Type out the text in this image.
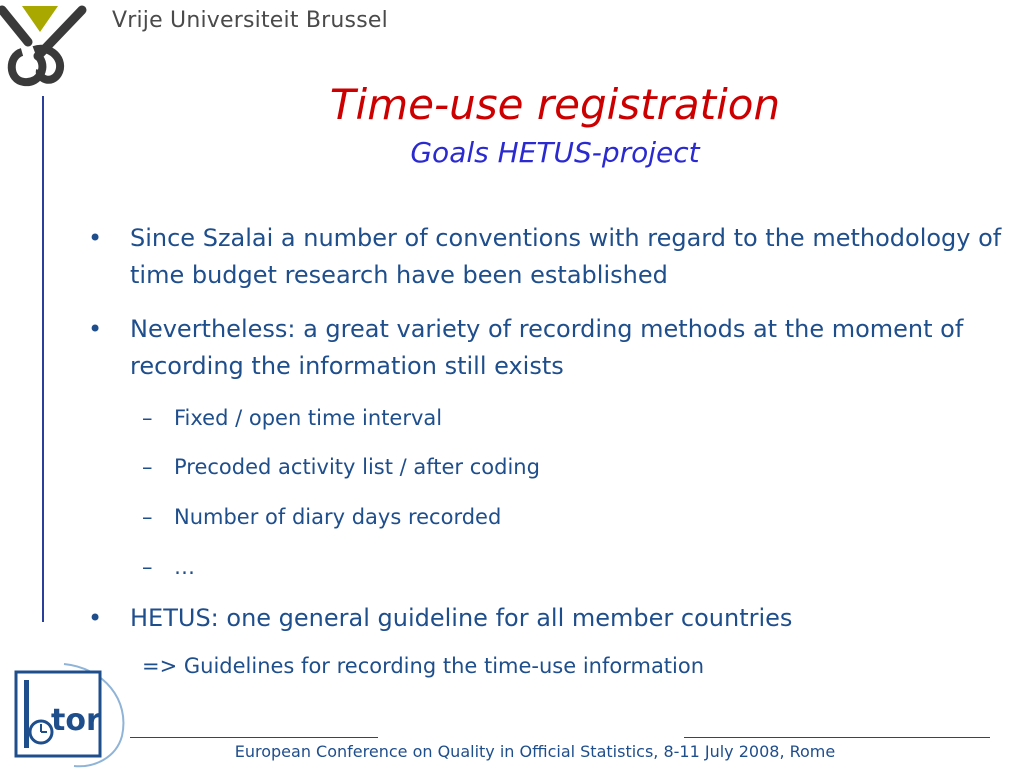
Vrije Universiteit Brussel
Time-use registration
Goals HETUS-project
• Since Szalai a number of conventions with regard to the methodology of time budget research have been established
• Nevertheless: a great variety of recording methods at the moment of recording the information still exists
– Fixed / open time interval
– Precoded activity list / after coding
– Number of diary days recorded
– …
• HETUS: one general guideline for all member countries
=> Guidelines for recording the time-use information
tor
European Conference on Quality in Official Statistics, 8-11 July 2008, Rome
